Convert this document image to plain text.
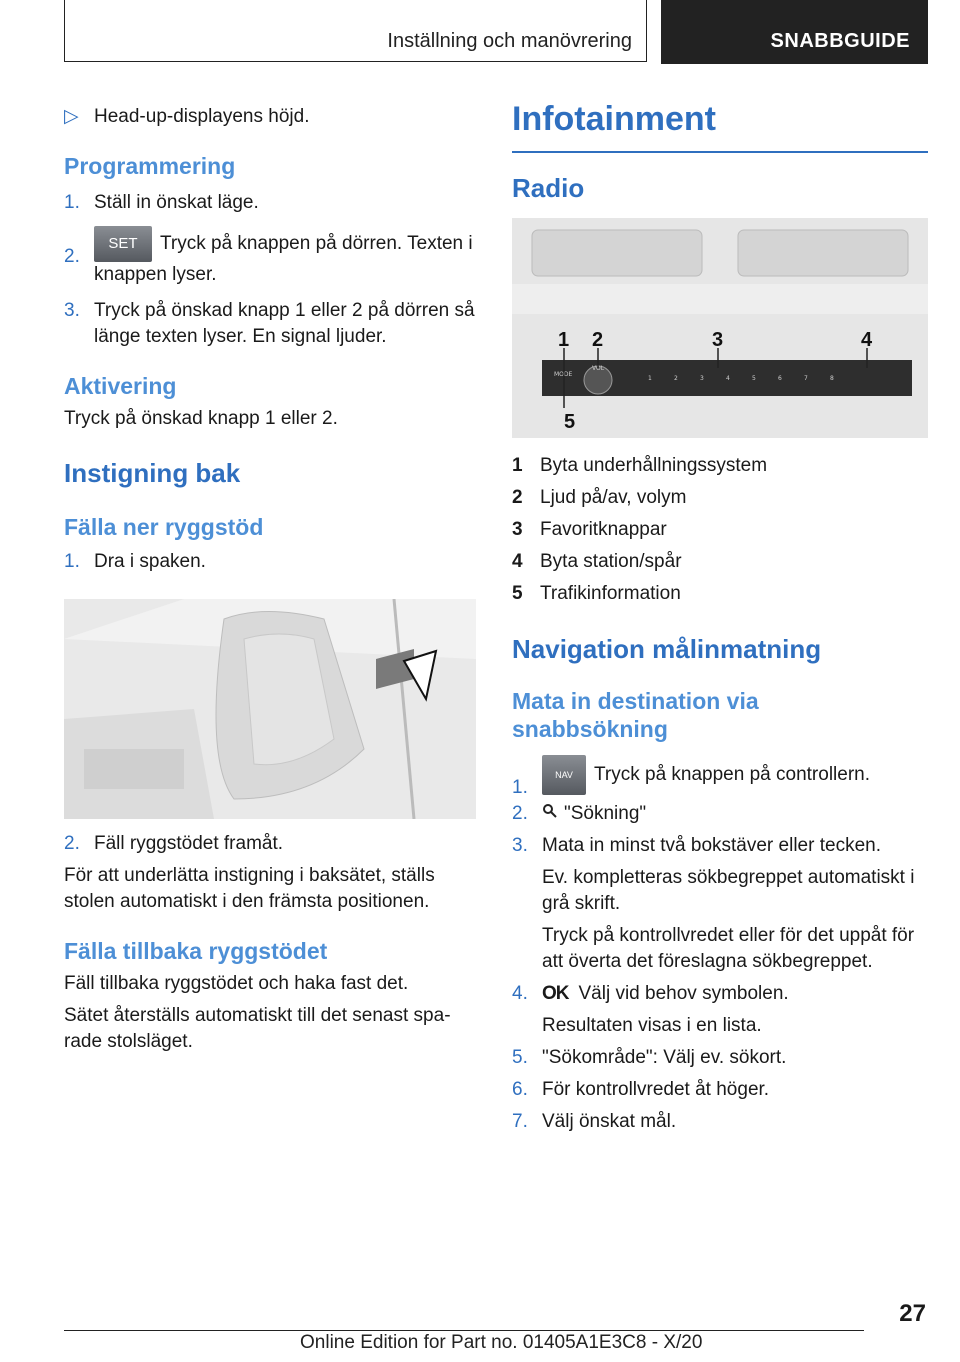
Inställning och manövrering	SNABBGUIDE
▷ Head-up-displayens höjd.
Programmering
1. Ställ in önskat läge.
2.
SET Tryck på knappen på dörren. Texten i knappen lyser.
3. Tryck på önskad knapp 1 eller 2 på dörren så länge texten lyser. En signal ljuder.
Aktivering

Tryck på önskad knapp 1 eller 2.

Instigning bak
Fälla ner ryggstöd
1. Dra i spaken.
2. Fäll ryggstödet framåt.

För att underlätta instigning i baksätet, ställs stolen automatiskt i den främsta positionen.

Fälla tillbaka ryggstödet

Fäll tillbaka ryggstödet och haka fast det.

Sätet återställs automatiskt till det senast sparade stolsläget.

Infotainment
Radio
MODE
VOL
1	2	3	4	5	6	7	8
1 2	3	4
5
1 Byta underhållningssystem
2 Ljud på/av, volym
3 Favoritknappar
4 Byta station/spår
5 Trafikinformation
Navigation målinmatning
Mata in destination via snabbsökning
1.
NAV Tryck på knappen på controllern.
2. "Sökning"
3. Mata in minst två bokstäver eller tecken.
Ev. kompletteras sökbegreppet automatiskt i grå skrift.
Tryck på kontrollvredet eller för det uppåt för att överta det föreslagna sökbegreppet.
4. OK Välj vid behov symbolen.
Resultaten visas i en lista.
5. "Sökområde": Välj ev. sökort.
6. För kontrollvredet åt höger.
7. Välj önskat mål.
27
Online Edition for Part no. 01405A1E3C8 - X/20
